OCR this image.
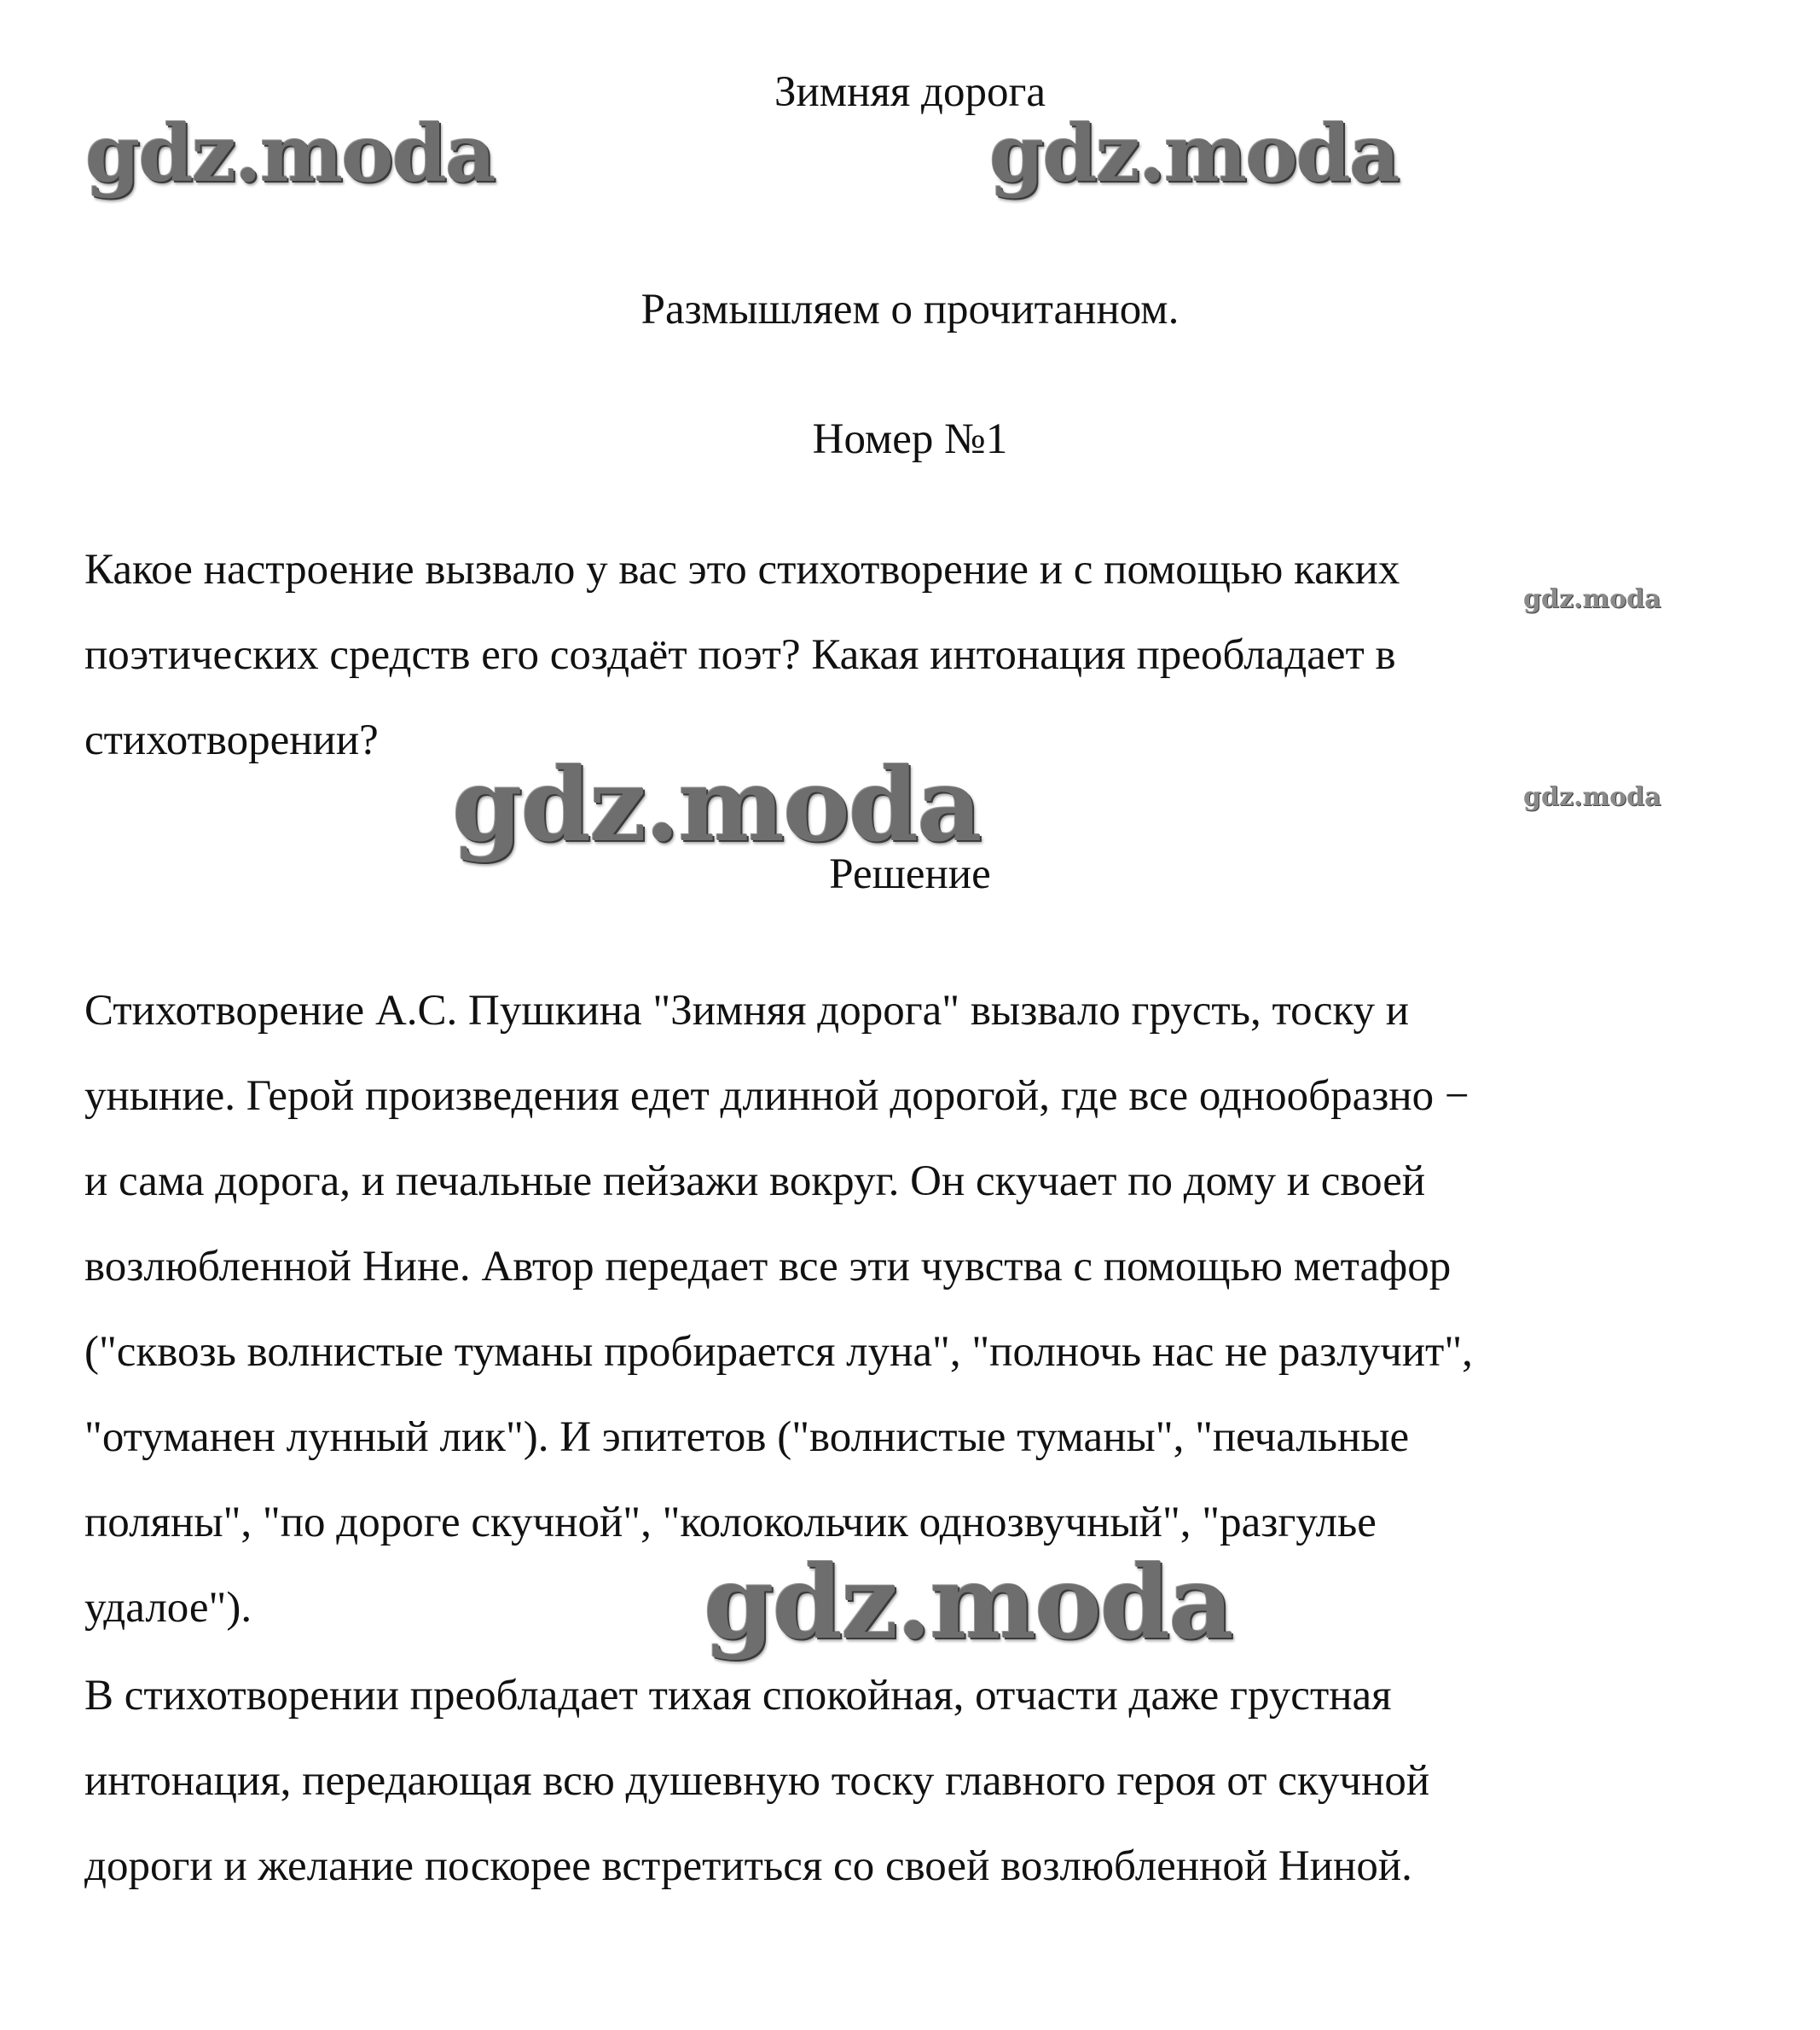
Зимняя дорога
Размышляем о прочитанном.
Номер №1
Какое настроение вызвало у вас это стихотворение и с помощью каких
поэтических средств его создаёт поэт? Какая интонация преобладает в
стихотворении?
Решение
Стихотворение А.С. Пушкина "Зимняя дорога" вызвало грусть, тоску и
уныние. Герой произведения едет длинной дорогой, где все однообразно −
и сама дорога, и печальные пейзажи вокруг. Он скучает по дому и своей
возлюбленной Нине. Автор передает все эти чувства с помощью метафор
("сквозь волнистые туманы пробирается луна", "полночь нас не разлучит",
"отуманен лунный лик"). И эпитетов ("волнистые туманы", "печальные
поляны", "по дороге скучной", "колокольчик однозвучный", "разгулье
удалое").
В стихотворении преобладает тихая спокойная, отчасти даже грустная
интонация, передающая всю душевную тоску главного героя от скучной
дороги и желание поскорее встретиться со своей возлюбленной Ниной.
gdz.moda	gdz.moda
gdz.moda
gdz.moda	gdz.moda
gdz.moda
